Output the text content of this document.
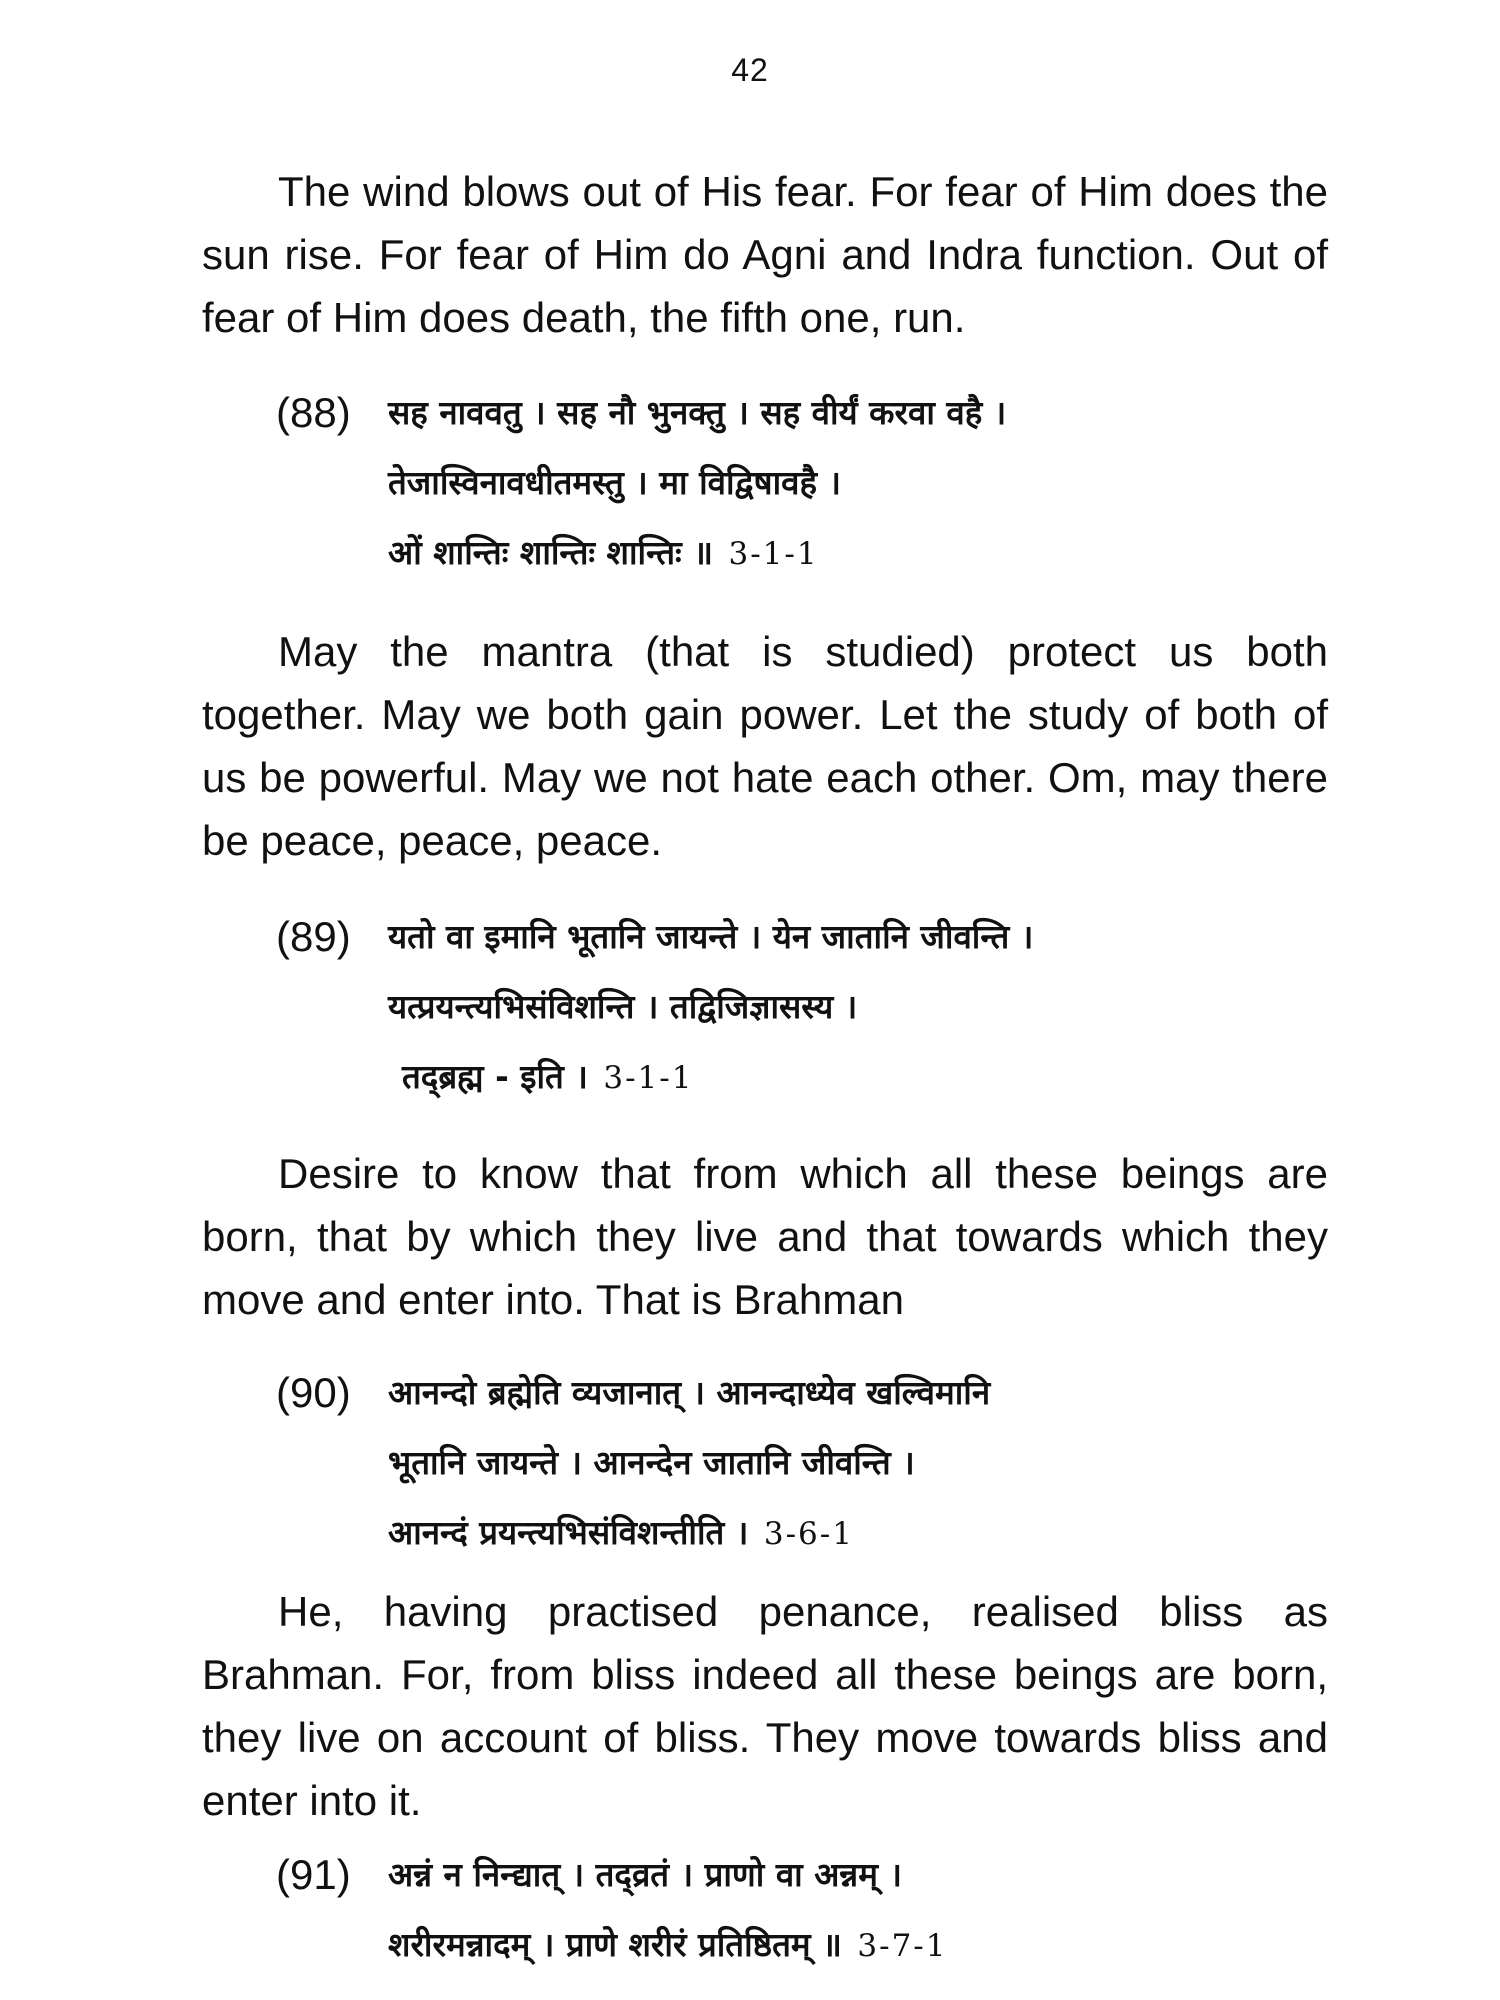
42

The wind blows out of His fear. For fear of Him does the sun rise. For fear of Him do Agni and Indra function. Out of fear of Him does death, the fifth one, run.

(88) सह नाववतु । सह नौ भुनक्तु । सह वीर्यं करवा वहै ।
तेजास्विनावधीतमस्तु । मा विद्विषावहै ।
ओं शान्तिः शान्तिः शान्तिः ॥ 3-1-1

May the mantra (that is studied) protect us both together. May we both gain power. Let the study of both of us be powerful. May we not hate each other. Om, may there be peace, peace, peace.

(89) यतो वा इमानि भूतानि जायन्ते । येन जातानि जीवन्ति ।
यत्प्रयन्त्यभिसंविशन्ति । तद्विजिज्ञासस्य ।
तद्ब्रह्म - इति । 3-1-1

Desire to know that from which all these beings are born, that by which they live and that towards which they move and enter into. That is Brahman

(90) आनन्दो ब्रह्मेति व्यजानात् । आनन्दाध्येव खल्विमानि
भूतानि जायन्ते । आनन्देन जातानि जीवन्ति ।
आनन्दं प्रयन्त्यभिसंविशन्तीति । 3-6-1

He, having practised penance, realised bliss as Brahman. For, from bliss indeed all these beings are born, they live on account of bliss. They move towards bliss and enter into it.

(91) अन्नं न निन्द्यात् । तद्व्रतं । प्राणो वा अन्नम् ।
शरीरमन्नादम् । प्राणे शरीरं प्रतिष्ठितम् ॥ 3-7-1
